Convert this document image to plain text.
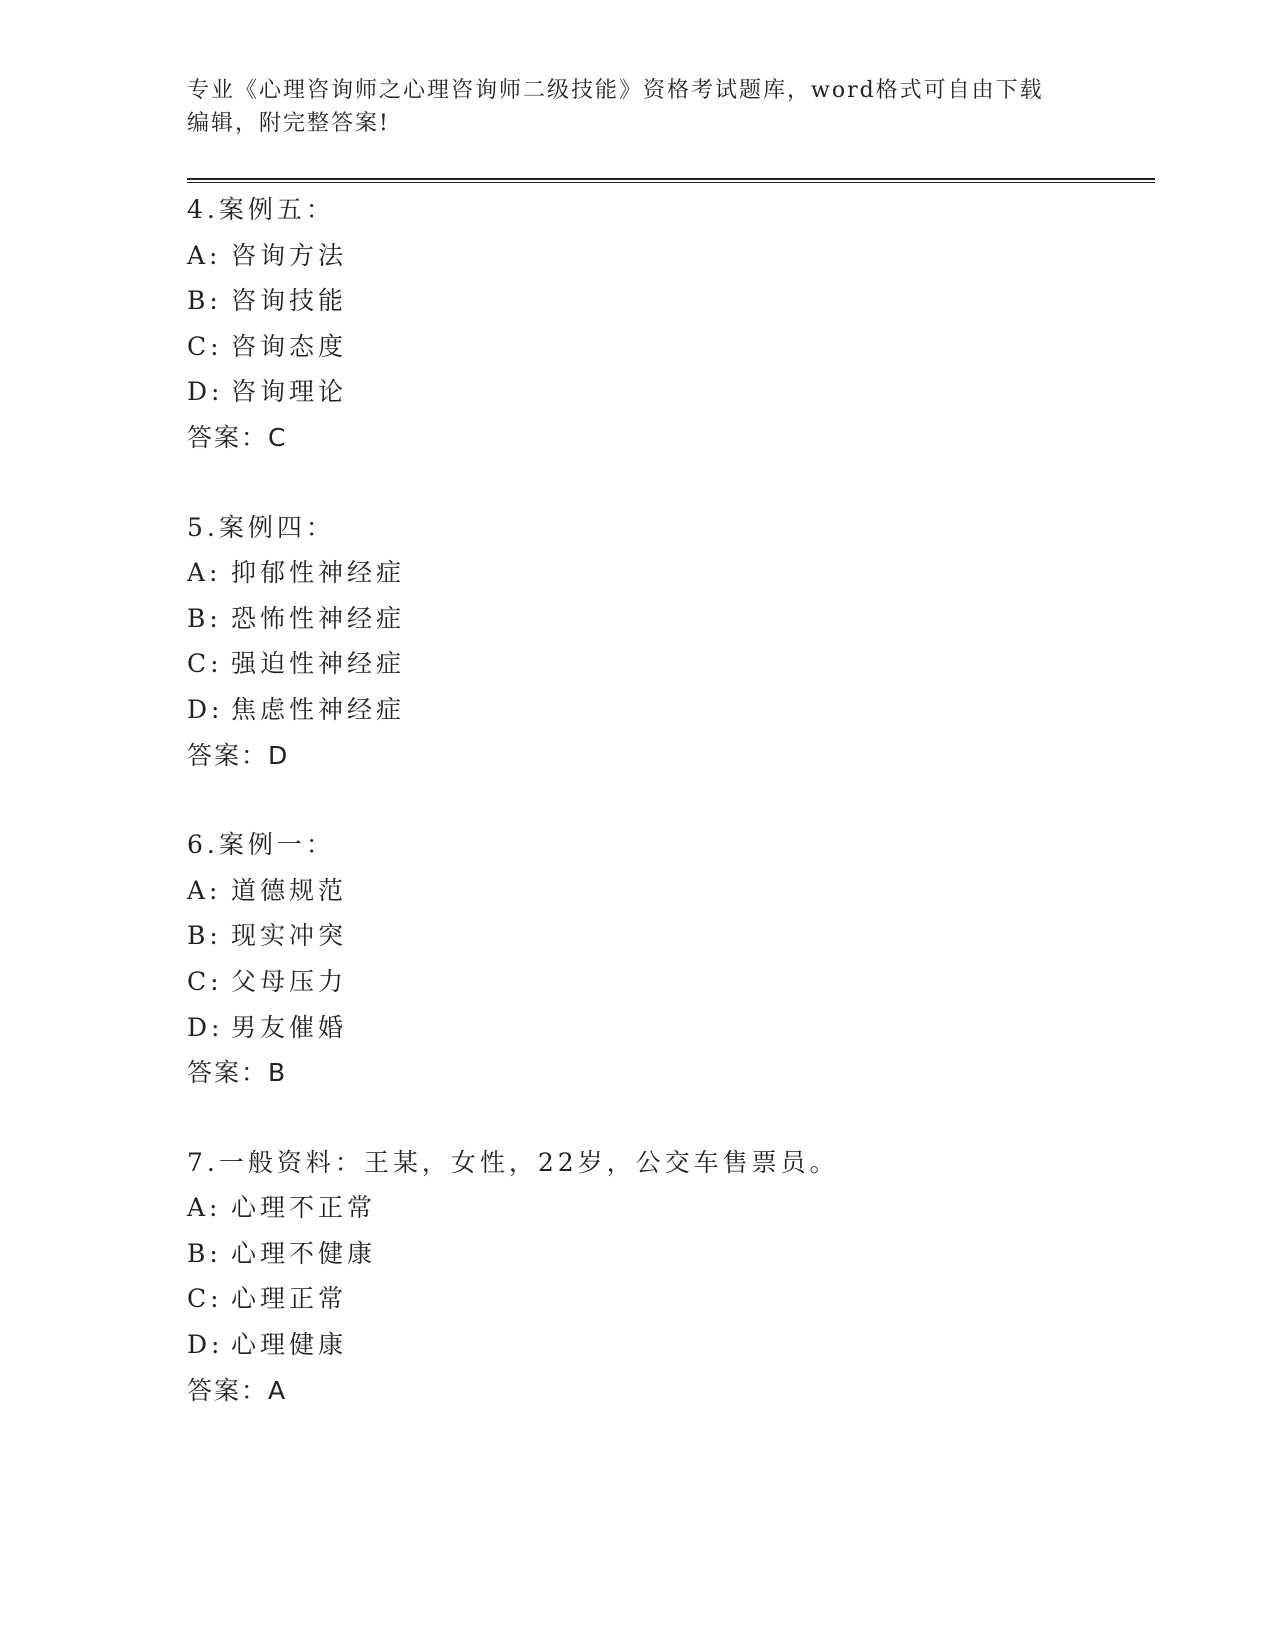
专业《心理咨询师之心理咨询师二级技能》资格考试题库，word格式可自由下载
编辑，附完整答案!
4.案例五：
A: 咨询方法
B: 咨询技能
C: 咨询态度
D: 咨询理论
答案：C
5.案例四：
A: 抑郁性神经症
B: 恐怖性神经症
C: 强迫性神经症
D: 焦虑性神经症
答案：D
6.案例一：
A: 道德规范
B: 现实冲突
C: 父母压力
D: 男友催婚
答案：B
7.一般资料：王某，女性，22岁，公交车售票员。
A: 心理不正常
B: 心理不健康
C: 心理正常
D: 心理健康
答案：A
